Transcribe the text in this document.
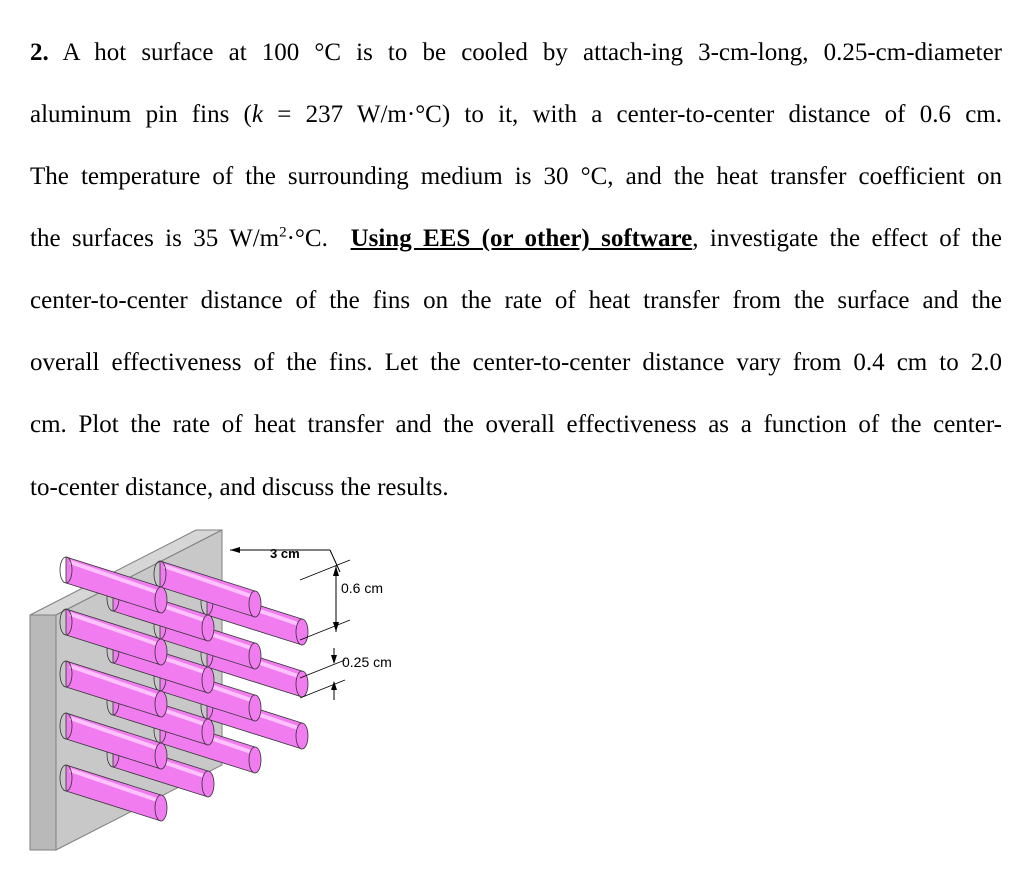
2. A hot surface at 100 °C is to be cooled by attach-ing 3-cm-long, 0.25-cm-diameter
aluminum pin fins (k = 237 W/m·°C) to it, with a center-to-center distance of 0.6 cm.
The temperature of the surrounding medium is 30 °C, and the heat transfer coefficient on
the surfaces is 35 $W/m^2\cdot^\circ C$.  Using EES (or other) software, investigate the effect of the
center-to-center distance of the fins on the rate of heat transfer from the surface and the
overall effectiveness of the fins. Let the center-to-center distance vary from 0.4 cm to 2.0
cm. Plot the rate of heat transfer and the overall effectiveness as a function of the center-
to-center distance, and discuss the results.
3 cm
0.6 cm
0.25 cm
